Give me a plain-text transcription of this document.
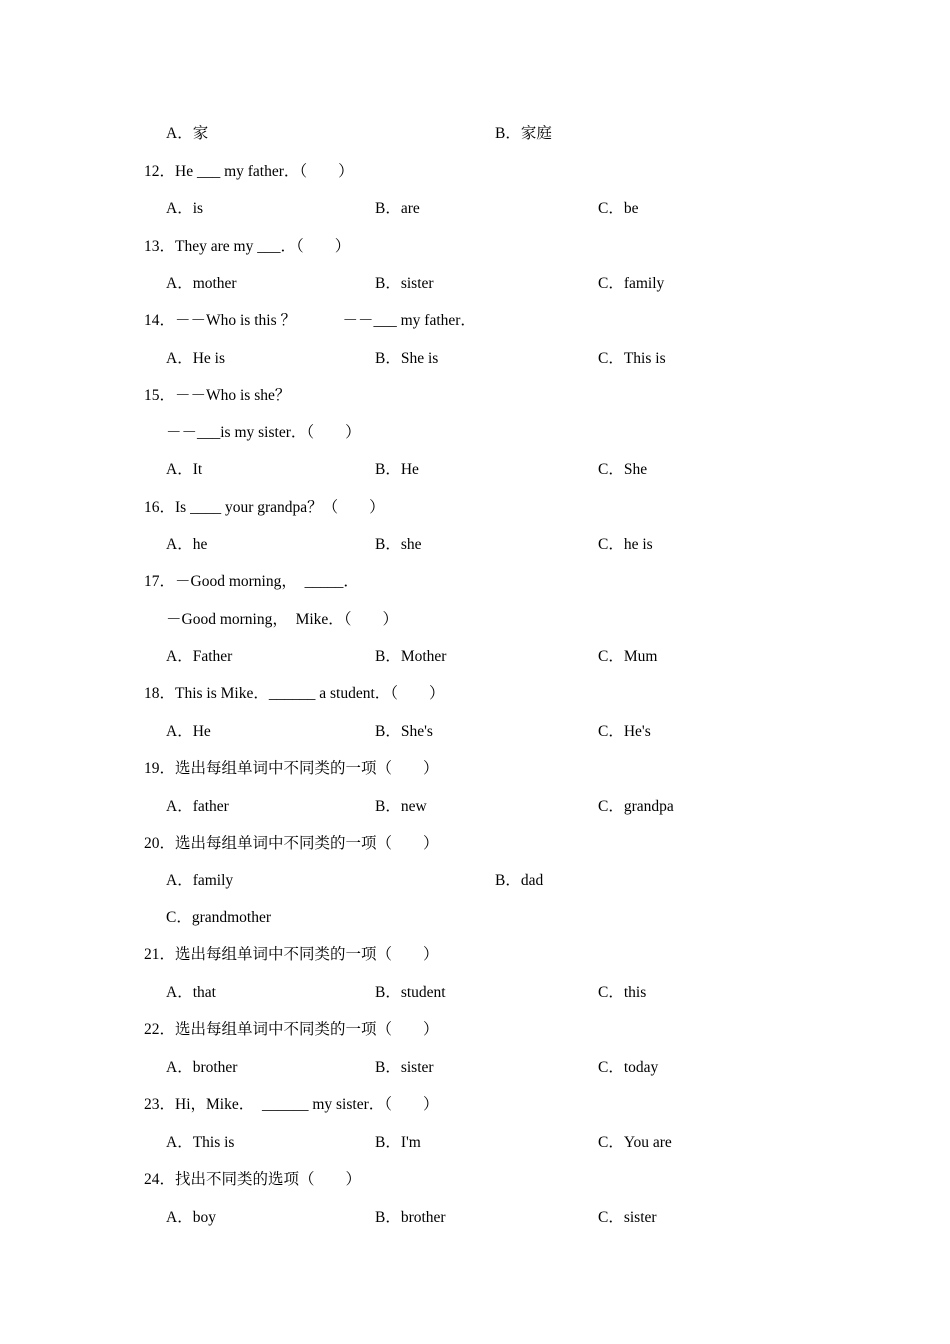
A．家	B．家庭
12．He ___ my father．（　　）
A．is	B．are	C．be
13．They are my ___．（　　）
A．mother	B．sister	C．family
14．－－Who is this ？　　　－－___ my father．
A．He is	B．She is	C．This is
15．－－Who is she？
－－___is my sister．（　　）
A．It	B．He	C．She
16．Is ____ your grandpa？（　　）
A．he	B．she	C．he is
17．－Good morning，　_____．
－Good morning，　Mike．（　　）
A．Father	B．Mother	C．Mum
18．This is Mike．______ a student．（　　）
A．He	B．She's	C．He's
19．选出每组单词中不同类的一项（　　）
A．father	B．new	C．grandpa
20．选出每组单词中不同类的一项（　　）
A．family	B．dad
C．grandmother
21．选出每组单词中不同类的一项（　　）
A．that	B．student	C．this
22．选出每组单词中不同类的一项（　　）
A．brother	B．sister	C．today
23．Hi，Mike．　______ my sister．（　　）
A．This is	B．I'm	C．You are
24．找出不同类的选项（　　）
A．boy	B．brother	C．sister
